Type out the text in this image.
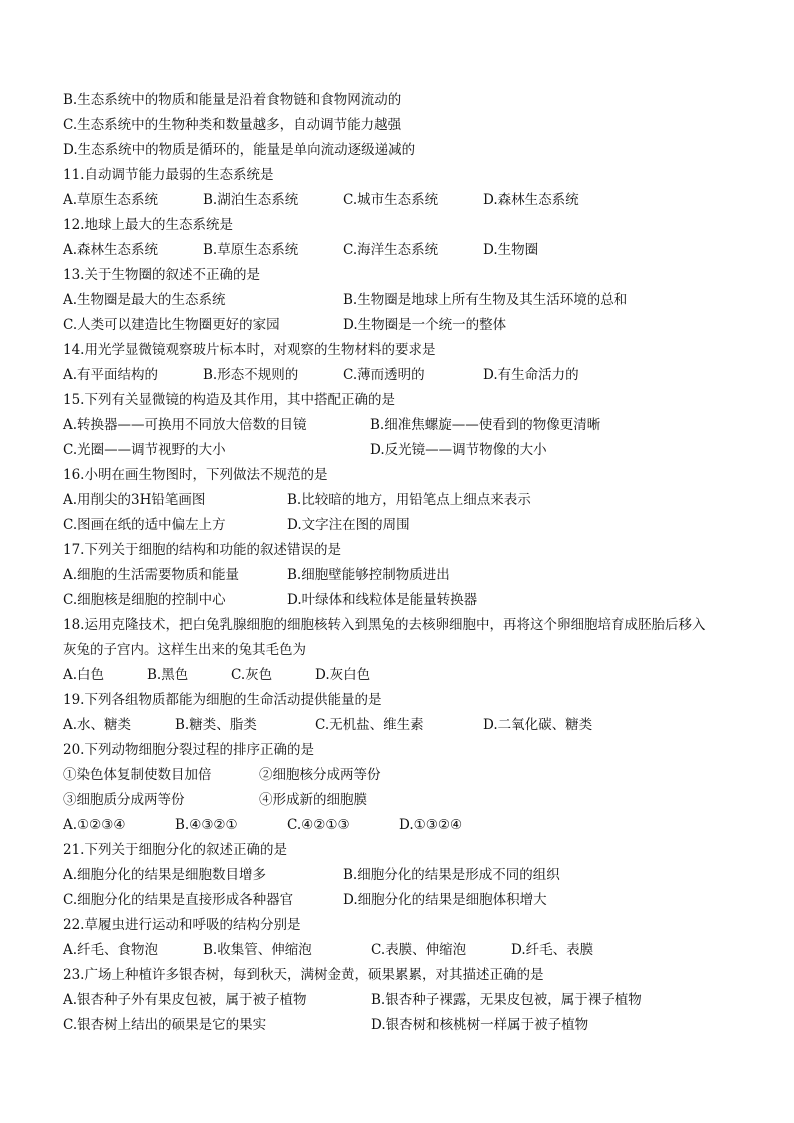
B.生态系统中的物质和能量是沿着食物链和食物网流动的
C.生态系统中的生物种类和数量越多，自动调节能力越强
D.生态系统中的物质是循环的，能量是单向流动逐级递减的
11.自动调节能力最弱的生态系统是
A.草原生态系统	B.湖泊生态系统	C.城市生态系统	D.森林生态系统
12.地球上最大的生态系统是
A.森林生态系统	B.草原生态系统	C.海洋生态系统	D.生物圈
13.关于生物圈的叙述不正确的是
A.生物圈是最大的生态系统	B.生物圈是地球上所有生物及其生活环境的总和
C.人类可以建造比生物圈更好的家园	D.生物圈是一个统一的整体
14.用光学显微镜观察玻片标本时，对观察的生物材料的要求是
A.有平面结构的	B.形态不规则的	C.薄而透明的	D.有生命活力的
15.下列有关显微镜的构造及其作用，其中搭配正确的是
A.转换器——可换用不同放大倍数的目镜	B.细准焦螺旋——使看到的物像更清晰
C.光圈——调节视野的大小	D.反光镜——调节物像的大小
16.小明在画生物图时，下列做法不规范的是
A.用削尖的3H铅笔画图	B.比较暗的地方，用铅笔点上细点来表示
C.图画在纸的适中偏左上方	D.文字注在图的周围
17.下列关于细胞的结构和功能的叙述错误的是
A.细胞的生活需要物质和能量	B.细胞壁能够控制物质进出
C.细胞核是细胞的控制中心	D.叶绿体和线粒体是能量转换器
18.运用克隆技术，把白兔乳腺细胞的细胞核转入到黑兔的去核卵细胞中，再将这个卵细胞培育成胚胎后移入
灰兔的子宫内。这样生出来的兔其毛色为
A.白色	B.黑色	C.灰色	D.灰白色
19.下列各组物质都能为细胞的生命活动提供能量的是
A.水、糖类	B.糖类、脂类	C.无机盐、维生素	D.二氧化碳、糖类
20.下列动物细胞分裂过程的排序正确的是
①染色体复制使数目加倍	②细胞核分成两等份
③细胞质分成两等份	④形成新的细胞膜
A.①②③④	B.④③②①	C.④②①③	D.①③②④
21.下列关于细胞分化的叙述正确的是
A.细胞分化的结果是细胞数目增多	B.细胞分化的结果是形成不同的组织
C.细胞分化的结果是直接形成各种器官	D.细胞分化的结果是细胞体积增大
22.草履虫进行运动和呼吸的结构分别是
A.纤毛、食物泡	B.收集管、伸缩泡	C.表膜、伸缩泡	D.纤毛、表膜
23.广场上种植许多银杏树，每到秋天，满树金黄，硕果累累，对其描述正确的是
A.银杏种子外有果皮包被，属于被子植物	B.银杏种子裸露，无果皮包被，属于裸子植物
C.银杏树上结出的硕果是它的果实	D.银杏树和核桃树一样属于被子植物
